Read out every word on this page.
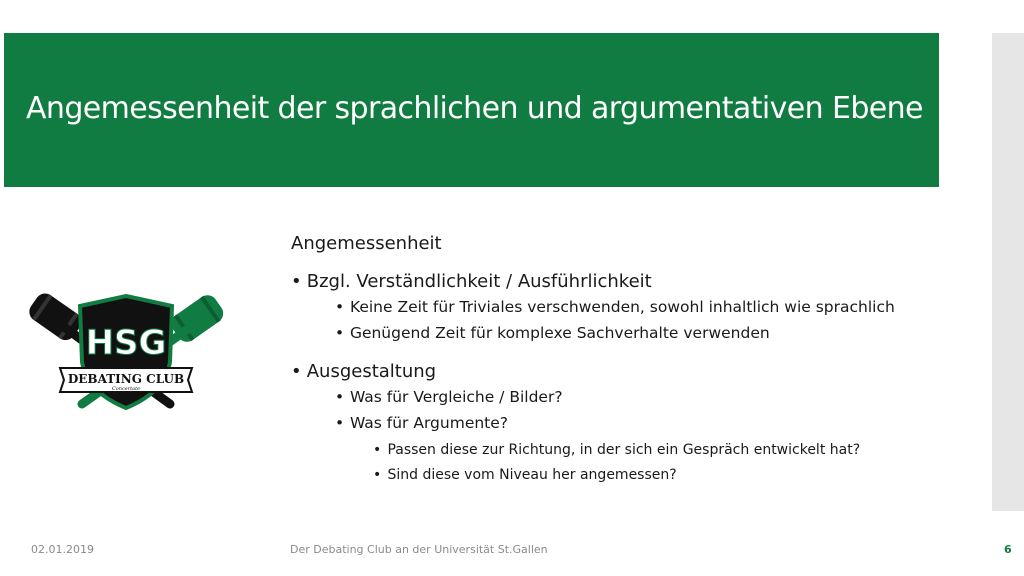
Angemessenheit der sprachlichen und argumentativen Ebene
HSG
DEBATING CLUB
Concertate
Angemessenheit
• Bzgl. Verständlichkeit / Ausführlichkeit
• Keine Zeit für Triviales verschwenden, sowohl inhaltlich wie sprachlich
• Genügend Zeit für komplexe Sachverhalte verwenden
• Ausgestaltung
• Was für Vergleiche / Bilder?
• Was für Argumente?
• Passen diese zur Richtung, in der sich ein Gespräch entwickelt hat?
• Sind diese vom Niveau her angemessen?
02.01.2019	Der Debating Club an der Universität St.Gallen	6
